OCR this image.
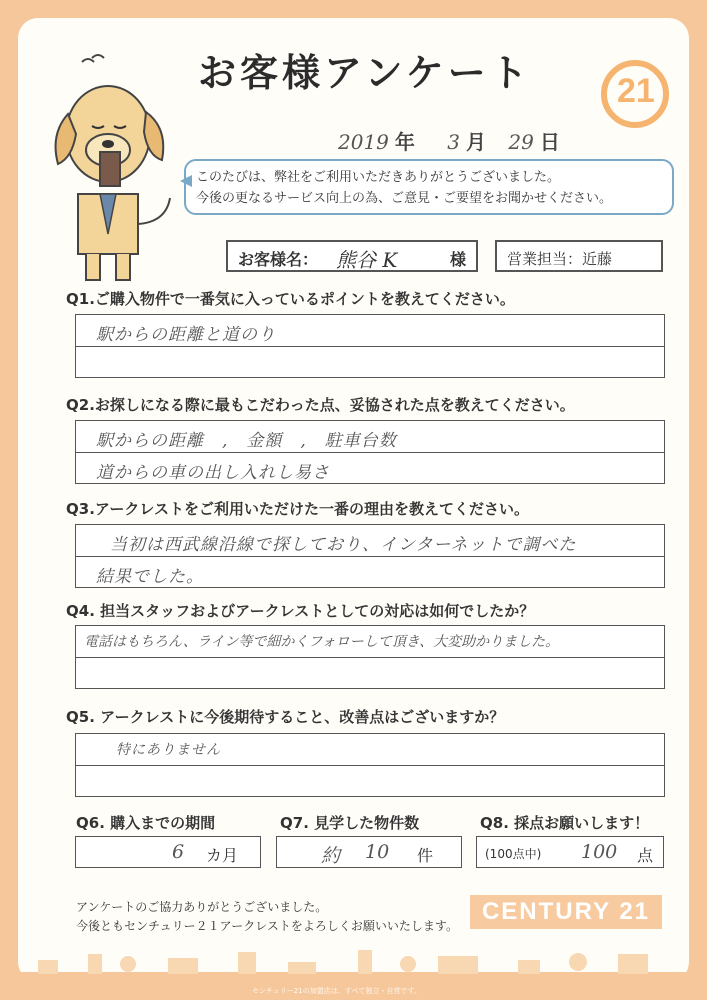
お客様アンケート	21
2019 年 3 月 29 日
このたびは、弊社をご利用いただきありがとうございました。
今後の更なるサービス向上の為、ご意見・ご要望をお聞かせください。
お客様名： 熊谷 K	様	営業担当：近藤
Q1.ご購入物件で一番気に入っているポイントを教えてください。
駅からの距離と道のり
Q2.お探しになる際に最もこだわった点、妥協された点を教えてください。
駅からの距離　,　金額　,　駐車台数
道からの車の出し入れし易さ
Q3.アークレストをご利用いただけた一番の理由を教えてください。
当初は西武線沿線で探しており、インターネットで調べた
結果でした。
Q4. 担当スタッフおよびアークレストとしての対応は如何でしたか？
電話はもちろん、ライン等で細かくフォローして頂き、大変助かりました。
Q5. アークレストに今後期待すること、改善点はございますか？
特にありません
Q6. 購入までの期間
6 カ月
Q7. 見学した物件数
約 10 件
Q8. 採点お願いします！
(100点中) 100 点
アンケートのご協力ありがとうございました。
今後ともセンチュリー２１アークレストをよろしくお願いいたします。
CENTURY 21
センチュリー21の加盟店は、すべて独立・自営です。
